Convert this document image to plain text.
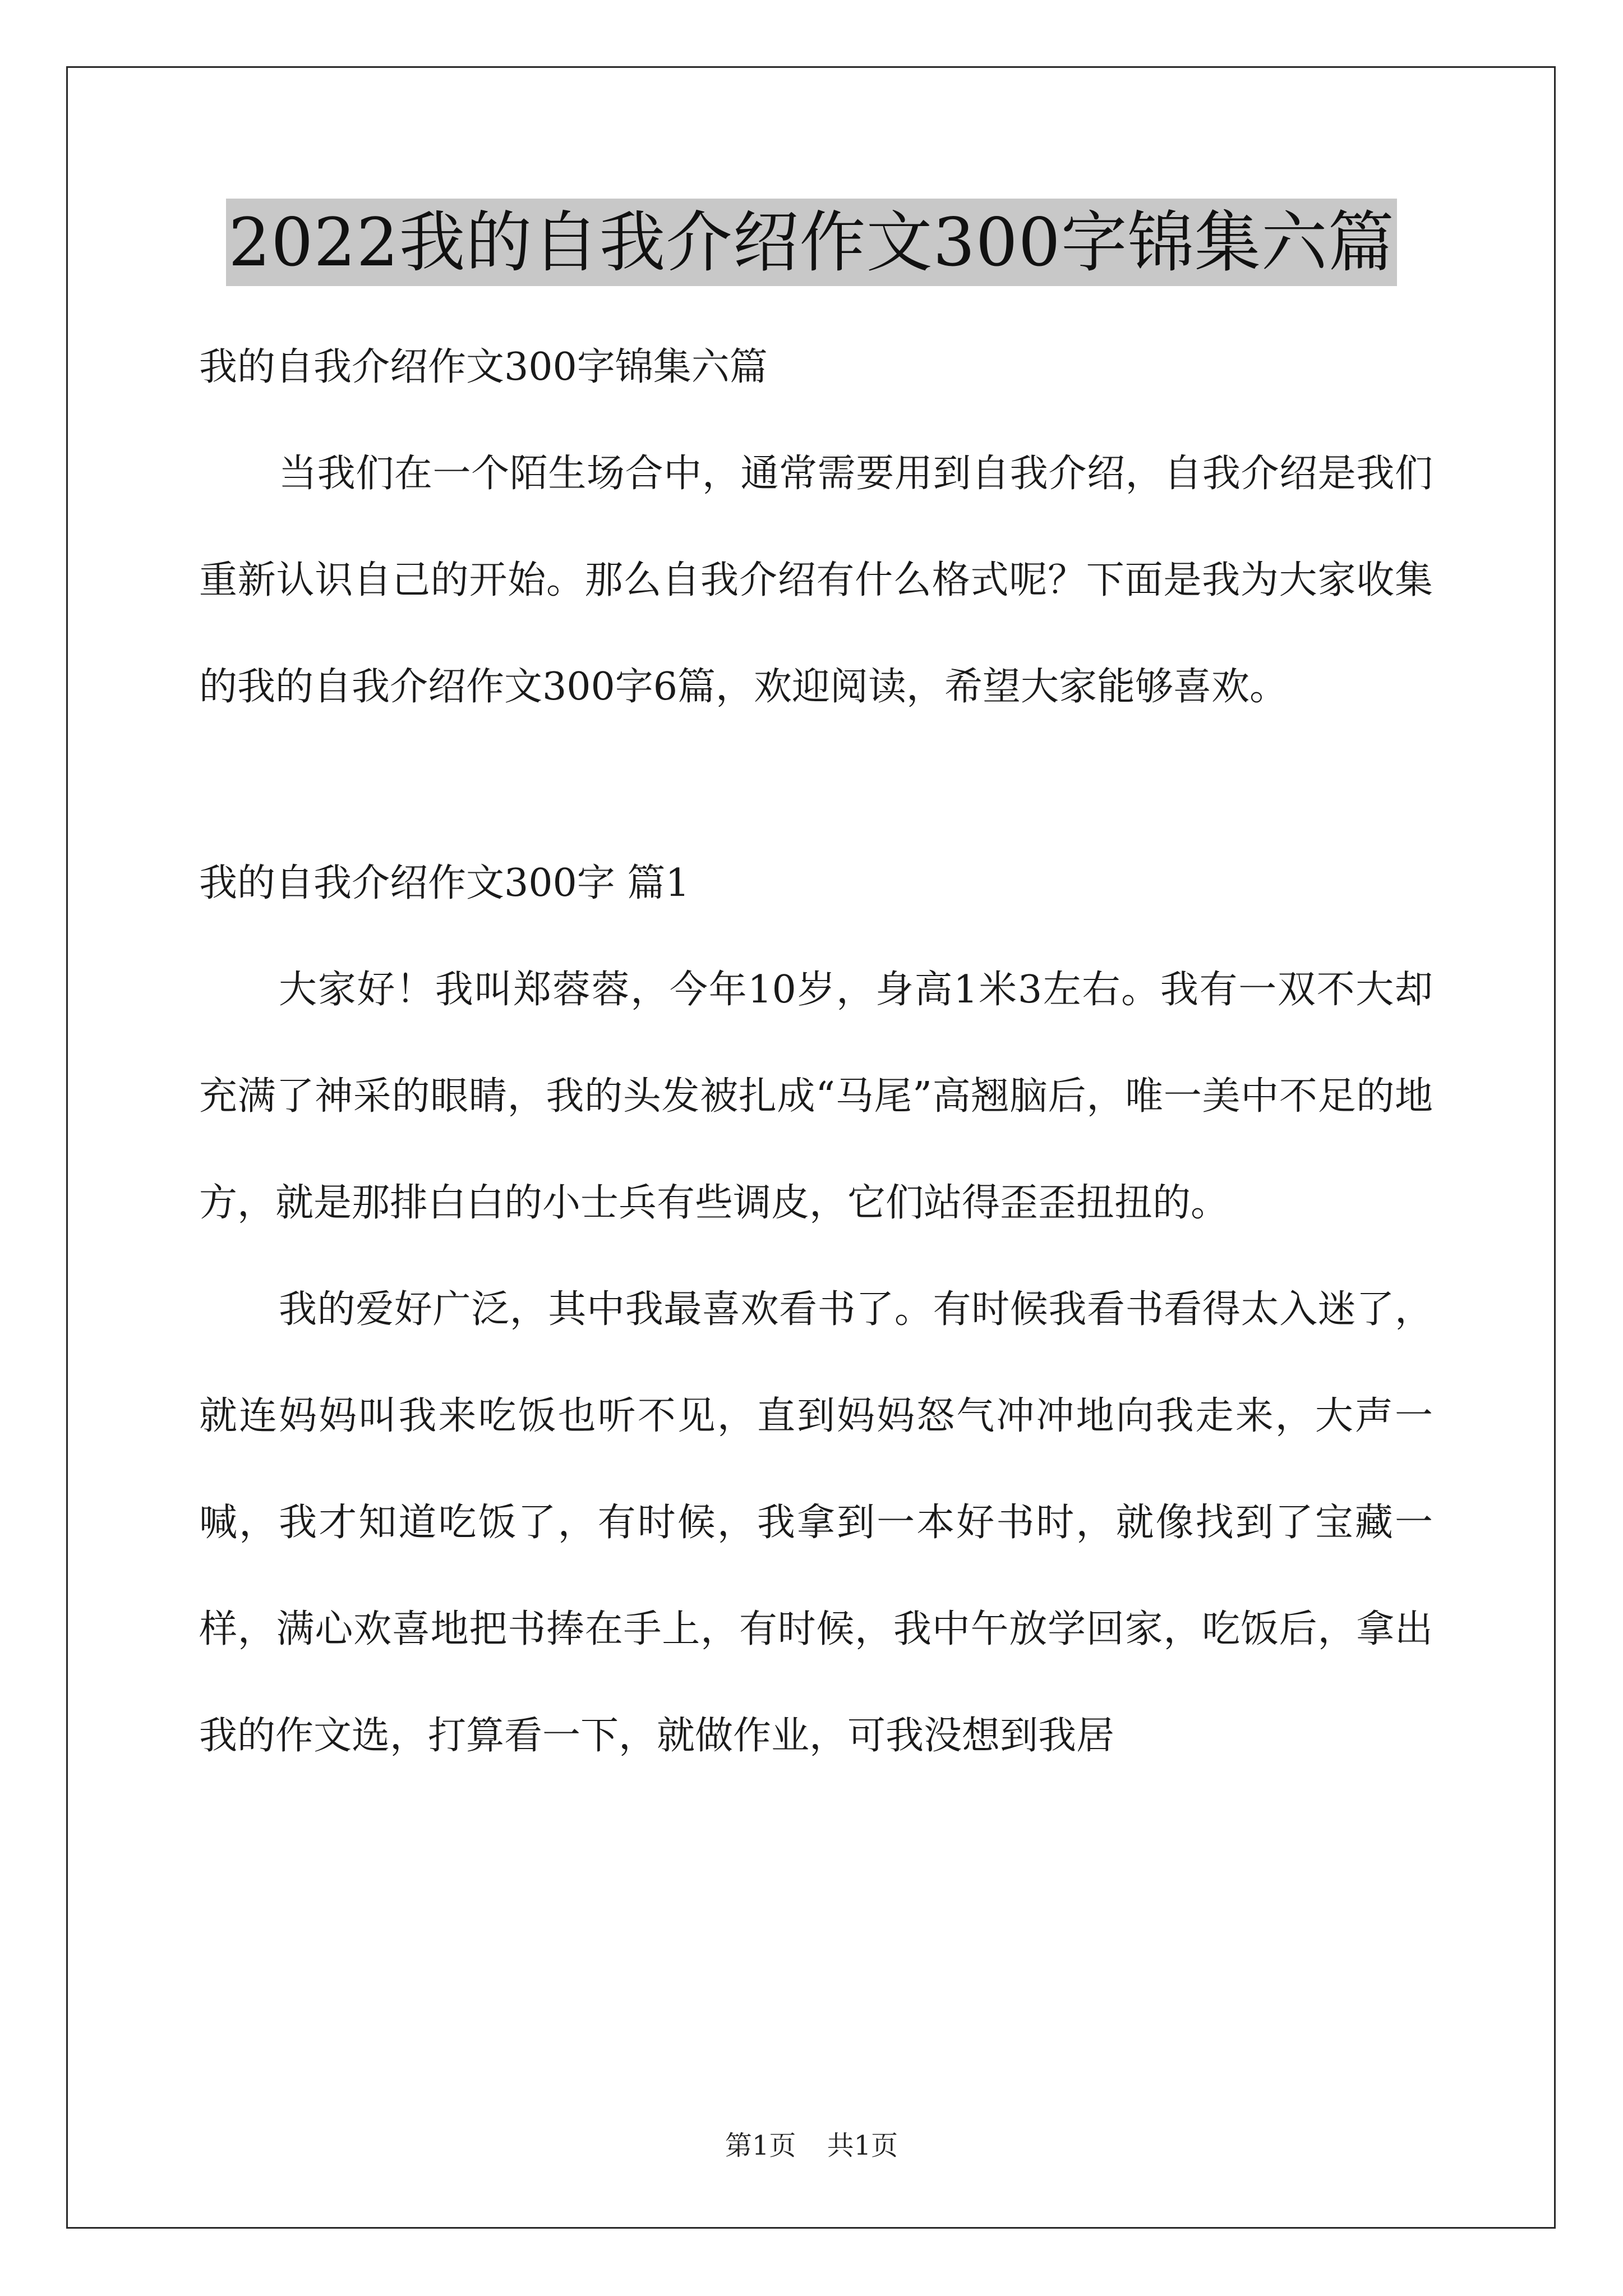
2022我的自我介绍作文300字锦集六篇

我的自我介绍作文300字锦集六篇

当我们在一个陌生场合中，通常需要用到自我介绍，自我介绍是我们重新认识自己的开始。那么自我介绍有什么格式呢？下面是我为大家收集的我的自我介绍作文300字6篇，欢迎阅读，希望大家能够喜欢。

我的自我介绍作文300字 篇1

大家好！我叫郑蓉蓉，今年10岁，身高1米3左右。我有一双不大却充满了神采的眼睛，我的头发被扎成“马尾”高翘脑后，唯一美中不足的地方，就是那排白白的小士兵有些调皮，它们站得歪歪扭扭的。

我的爱好广泛，其中我最喜欢看书了。有时候我看书看得太入迷了，就连妈妈叫我来吃饭也听不见，直到妈妈怒气冲冲地向我走来，大声一喊，我才知道吃饭了，有时候，我拿到一本好书时，就像找到了宝藏一样，满心欢喜地把书捧在手上，有时候，我中午放学回家，吃饭后，拿出我的作文选，打算看一下，就做作业，可我没想到我居

第1页 共1页
